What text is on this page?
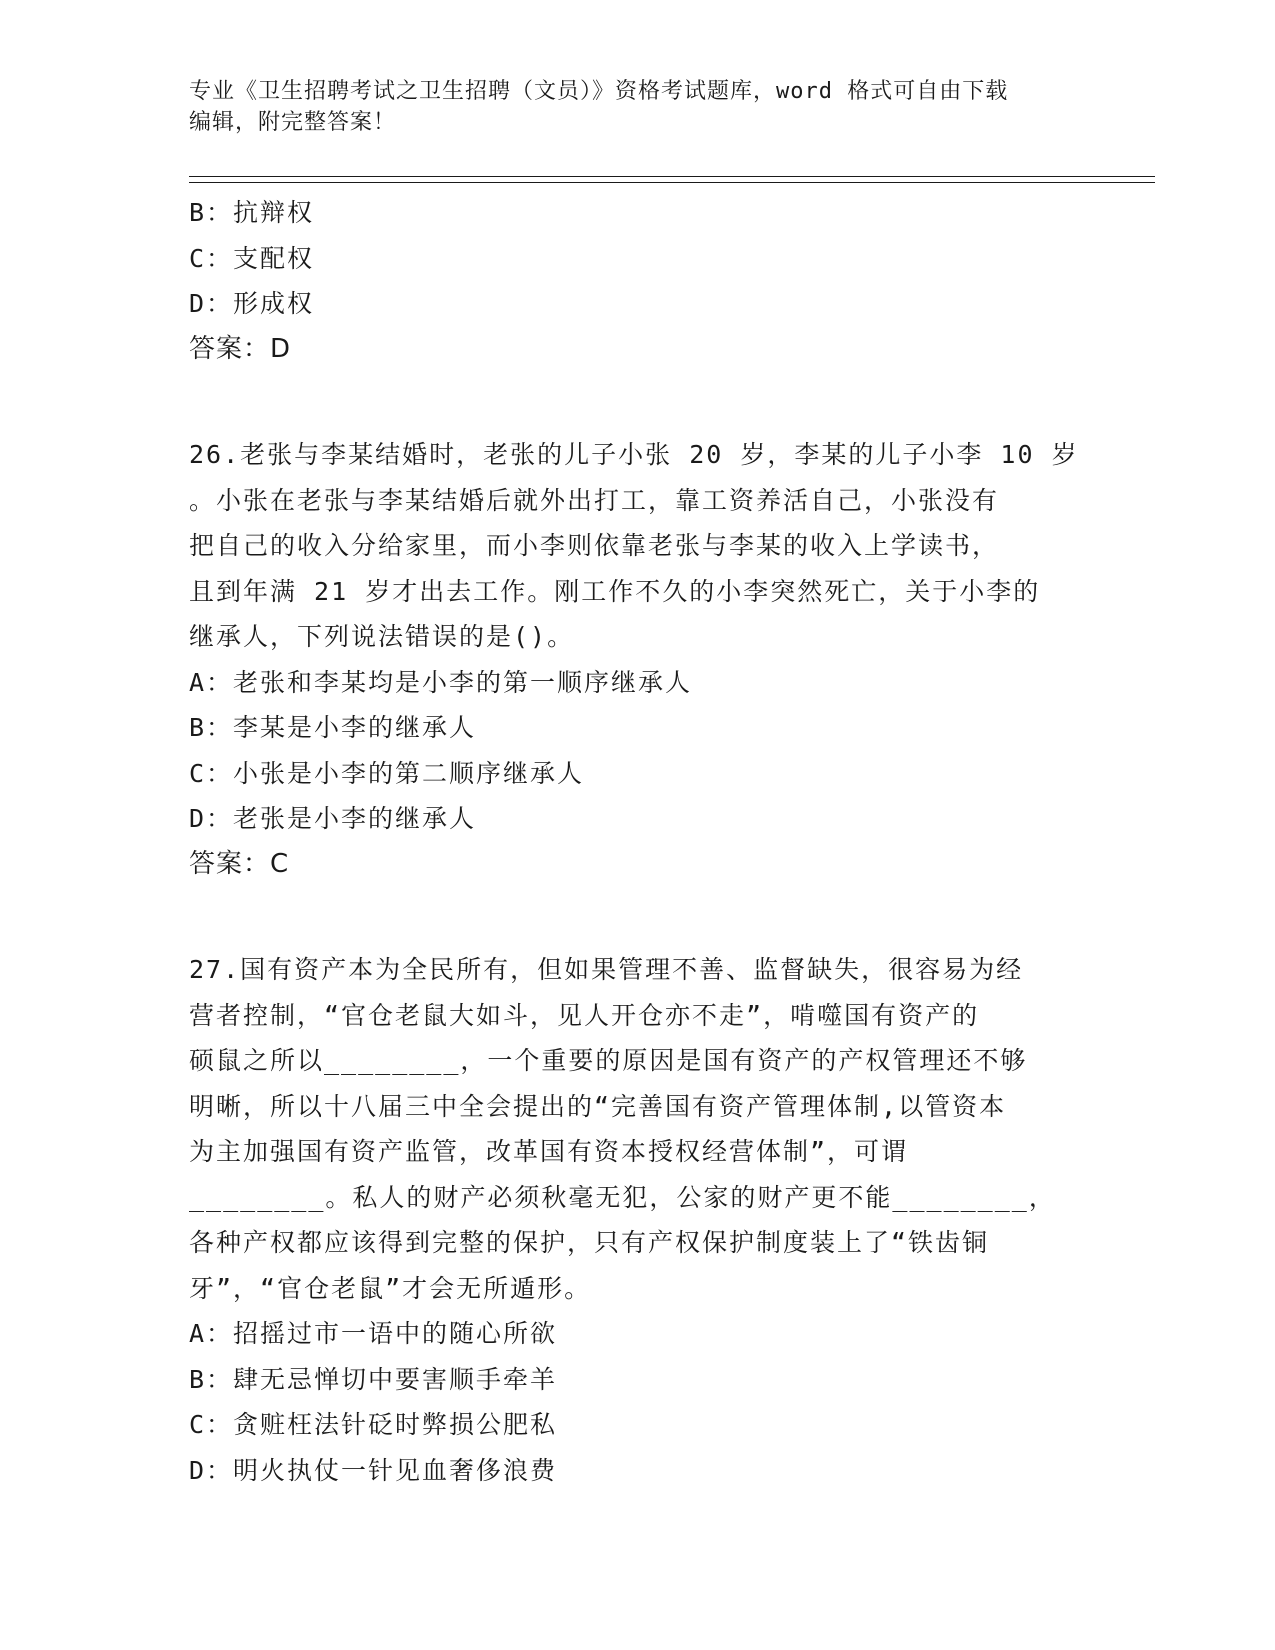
专业《卫生招聘考试之卫生招聘（文员）》资格考试题库，word 格式可自由下载
编辑，附完整答案！
B：抗辩权
C：支配权
D：形成权
答案：D
26.老张与李某结婚时，老张的儿子小张 20 岁，李某的儿子小李 10 岁
。小张在老张与李某结婚后就外出打工，靠工资养活自己，小张没有
把自己的收入分给家里，而小李则依靠老张与李某的收入上学读书，
且到年满 21 岁才出去工作。刚工作不久的小李突然死亡，关于小李的
继承人，下列说法错误的是()。
A：老张和李某均是小李的第一顺序继承人
B：李某是小李的继承人
C：小张是小李的第二顺序继承人
D：老张是小李的继承人
答案：C
27.国有资产本为全民所有，但如果管理不善、监督缺失，很容易为经
营者控制，“官仓老鼠大如斗，见人开仓亦不走”，啃噬国有资产的
硕鼠之所以________，一个重要的原因是国有资产的产权管理还不够
明晰，所以十八届三中全会提出的“完善国有资产管理体制,以管资本
为主加强国有资产监管，改革国有资本授权经营体制”，可谓
________。私人的财产必须秋毫无犯，公家的财产更不能________，
各种产权都应该得到完整的保护，只有产权保护制度装上了“铁齿铜
牙”，“官仓老鼠”才会无所遁形。
A：招摇过市一语中的随心所欲
B：肆无忌惮切中要害顺手牵羊
C：贪赃枉法针砭时弊损公肥私
D：明火执仗一针见血奢侈浪费
